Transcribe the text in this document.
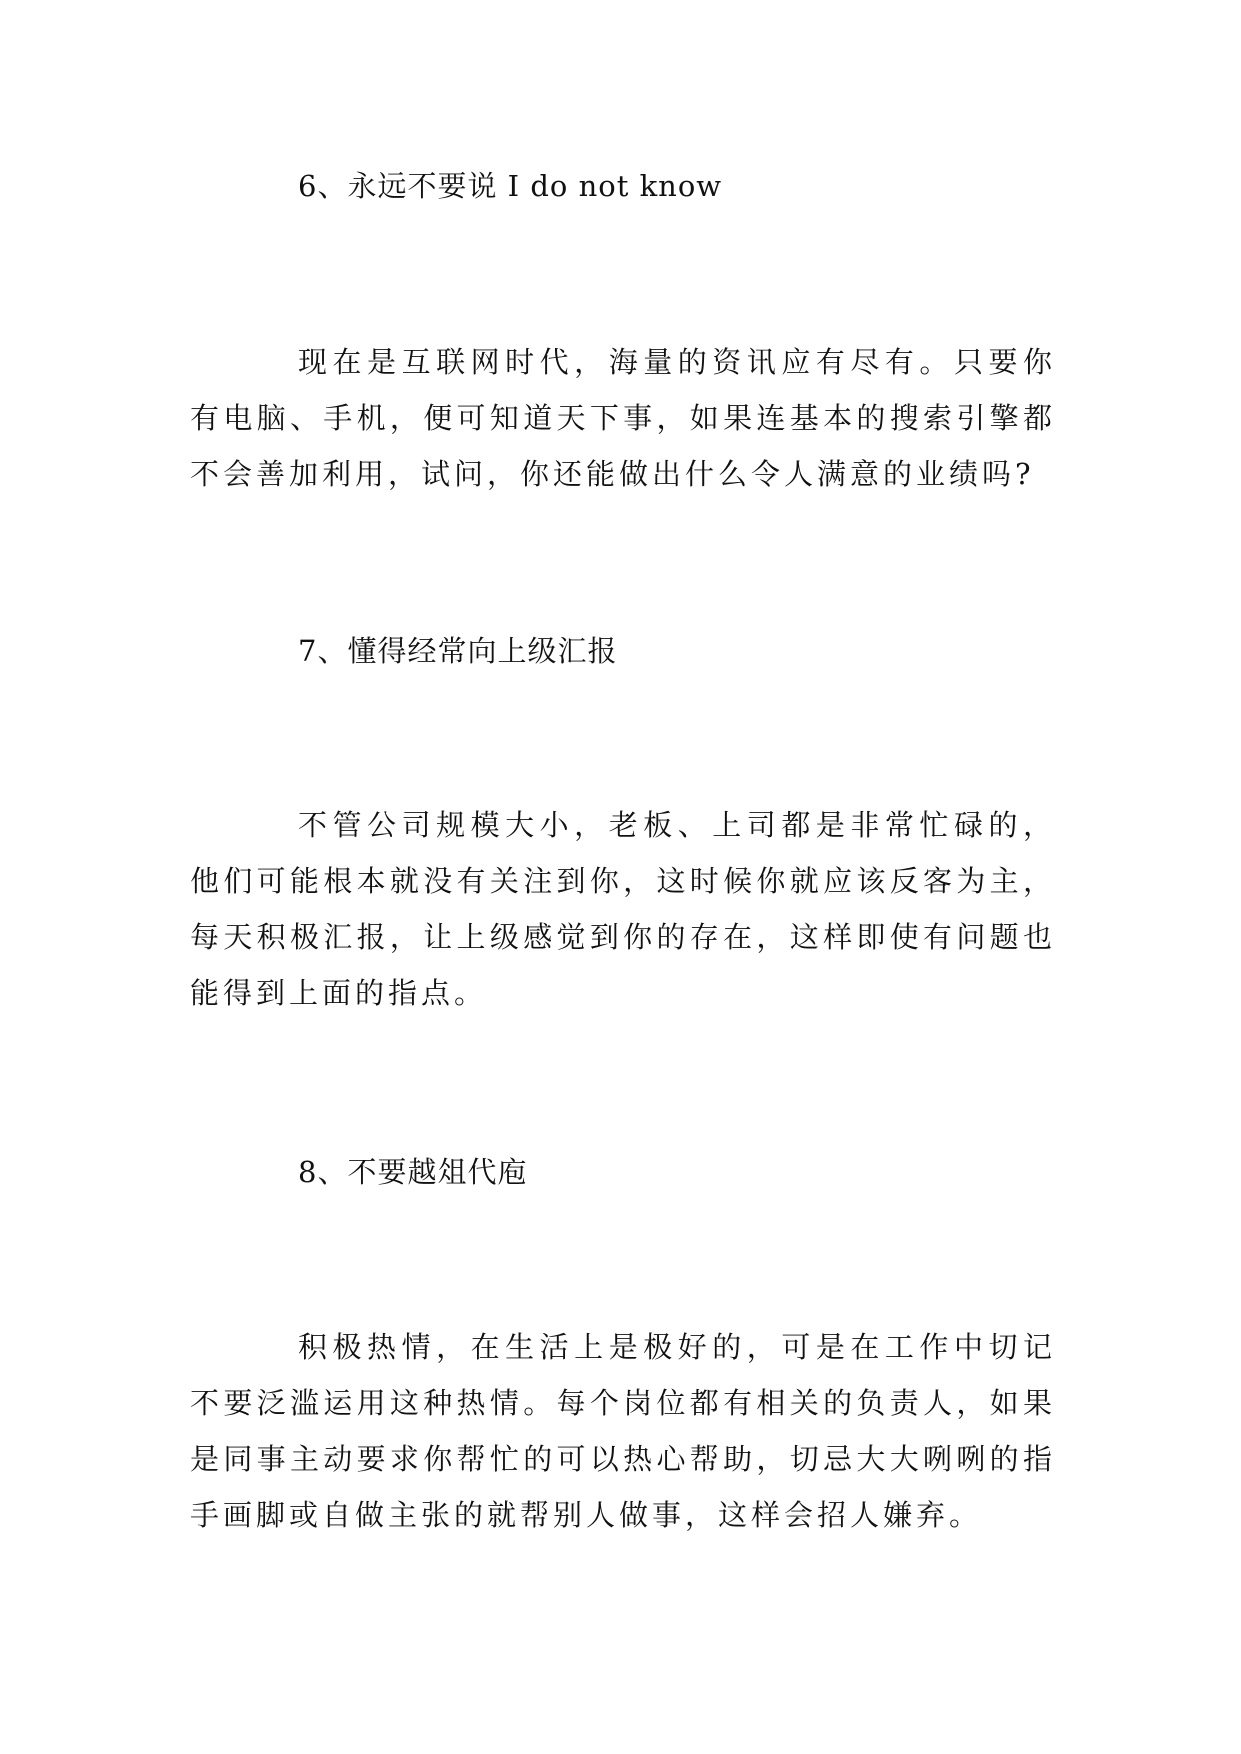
6、永远不要说 I do not know

现在是互联网时代，海量的资讯应有尽有。只要你有电脑、手机，便可知道天下事，如果连基本的搜索引擎都不会善加利用，试问，你还能做出什么令人满意的业绩吗?

7、懂得经常向上级汇报

不管公司规模大小，老板、上司都是非常忙碌的，他们可能根本就没有关注到你，这时候你就应该反客为主，每天积极汇报，让上级感觉到你的存在，这样即使有问题也能得到上面的指点。

8、不要越俎代庖

积极热情，在生活上是极好的，可是在工作中切记不要泛滥运用这种热情。每个岗位都有相关的负责人，如果是同事主动要求你帮忙的可以热心帮助，切忌大大咧咧的指手画脚或自做主张的就帮别人做事，这样会招人嫌弃。
